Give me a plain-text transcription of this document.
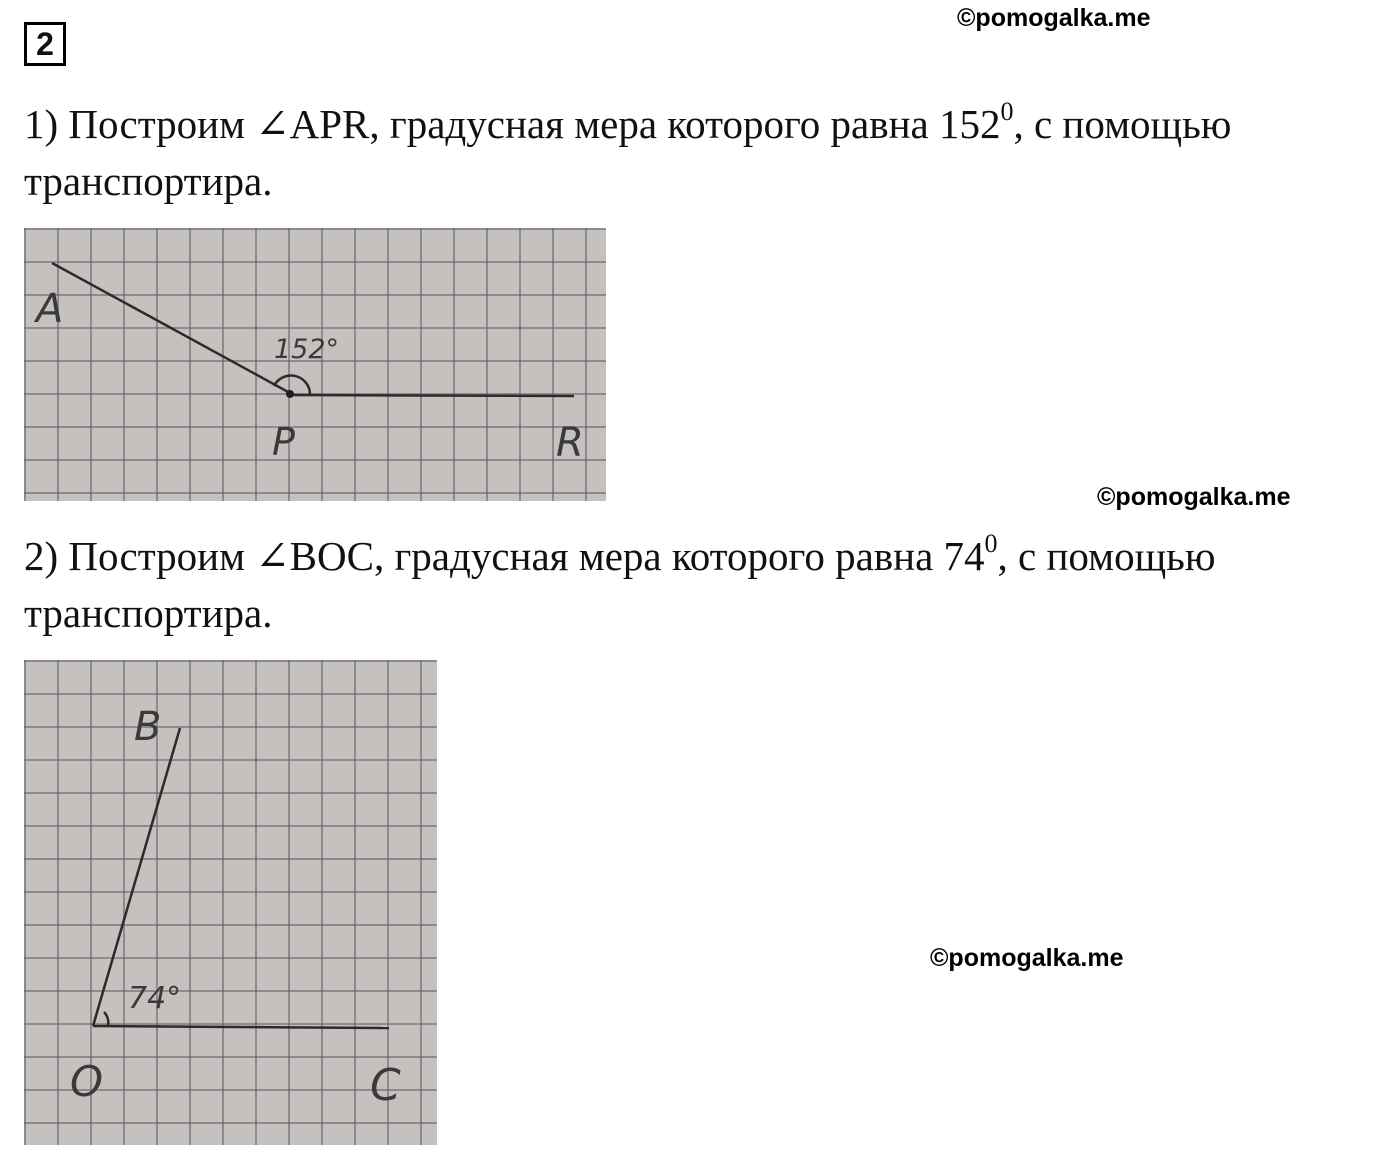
2
©pomogalka.me
1) Построим ∠APR, градусная мера которого равна $152^0$, с помощью транспортира.
A
P	R
152°
©pomogalka.me
2) Построим ∠BOC, градусная мера которого равна $74^0$, с помощью транспортира.
B
O	C
74°
©pomogalka.me
